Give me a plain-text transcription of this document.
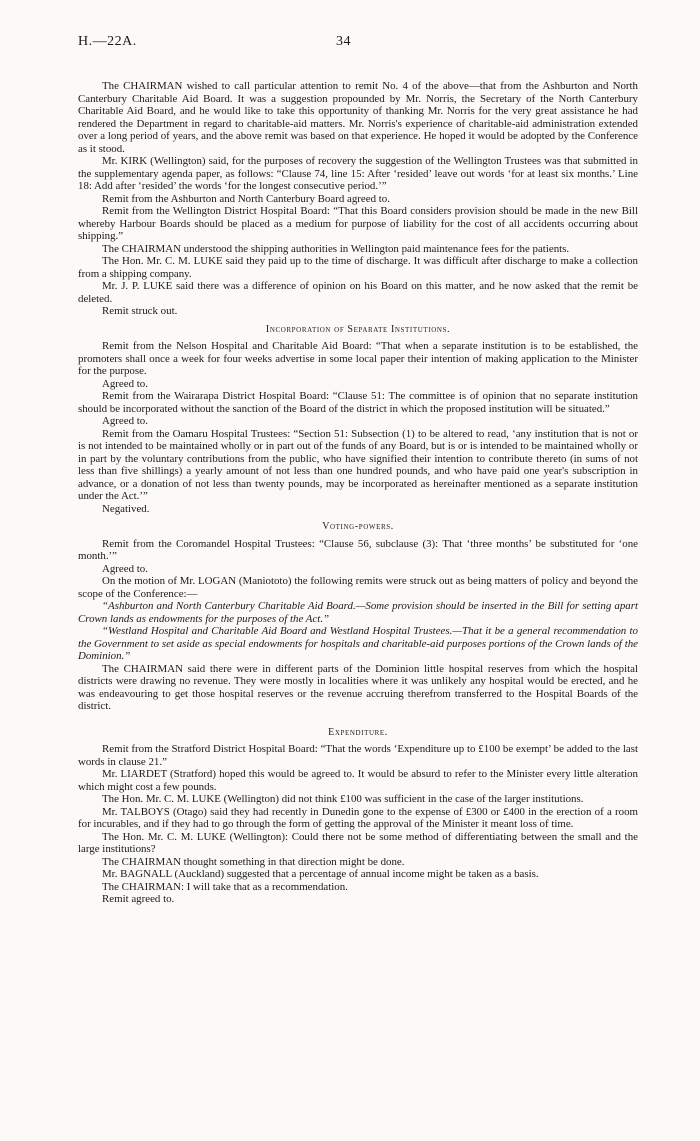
H.—22A.	34

The CHAIRMAN wished to call particular attention to remit No. 4 of the above—that from the Ashburton and North Canterbury Charitable Aid Board. It was a suggestion propounded by Mr. Norris, the Secretary of the North Canterbury Charitable Aid Board, and he would like to take this opportunity of thanking Mr. Norris for the very great assistance he had rendered the Department in regard to charitable-aid matters. Mr. Norris's experience of charitable-aid administration extended over a long period of years, and the above remit was based on that experience. He hoped it would be adopted by the Conference as it stood.

Mr. KIRK (Wellington) said, for the purposes of recovery the suggestion of the Wellington Trustees was that submitted in the supplementary agenda paper, as follows: “Clause 74, line 15: After ‘resided’ leave out words ‘for at least six months.’ Line 18: Add after ‘resided’ the words ‘for the longest consecutive period.’”

Remit from the Ashburton and North Canterbury Board agreed to.

Remit from the Wellington District Hospital Board: “That this Board considers provision should be made in the new Bill whereby Harbour Boards should be placed as a medium for purpose of liability for the cost of all accidents occurring about shipping.”

The CHAIRMAN understood the shipping authorities in Wellington paid maintenance fees for the patients.

The Hon. Mr. C. M. LUKE said they paid up to the time of discharge. It was difficult after discharge to make a collection from a shipping company.

Mr. J. P. LUKE said there was a difference of opinion on his Board on this matter, and he now asked that the remit be deleted.

Remit struck out.

Incorporation of Separate Institutions.

Remit from the Nelson Hospital and Charitable Aid Board: “That when a separate institution is to be established, the promoters shall once a week for four weeks advertise in some local paper their intention of making application to the Minister for the purpose.

Agreed to.

Remit from the Wairarapa District Hospital Board: “Clause 51: The committee is of opinion that no separate institution should be incorporated without the sanction of the Board of the district in which the proposed institution will be situated.”

Agreed to.

Remit from the Oamaru Hospital Trustees: “Section 51: Subsection (1) to be altered to read, ‘any institution that is not or is not intended to be maintained wholly or in part out of the funds of any Board, but is or is intended to be maintained wholly or in part by the voluntary contributions from the public, who have signified their intention to contribute thereto (in sums of not less than five shillings) a yearly amount of not less than one hundred pounds, and who have paid one year's subscription in advance, or a donation of not less than twenty pounds, may be incorporated as hereinafter mentioned as a separate institution under the Act.’”

Negatived.

Voting-powers.

Remit from the Coromandel Hospital Trustees: “Clause 56, subclause (3): That ‘three months’ be substituted for ‘one month.’”

Agreed to.

On the motion of Mr. LOGAN (Maniototo) the following remits were struck out as being matters of policy and beyond the scope of the Conference:—

“Ashburton and North Canterbury Charitable Aid Board.—Some provision should be inserted in the Bill for setting apart Crown lands as endowments for the purposes of the Act.”

“Westland Hospital and Charitable Aid Board and Westland Hospital Trustees.—That it be a general recommendation to the Government to set aside as special endowments for hospitals and charitable-aid purposes portions of the Crown lands of the Dominion.”

The CHAIRMAN said there were in different parts of the Dominion little hospital reserves from which the hospital districts were drawing no revenue. They were mostly in localities where it was unlikely any hospital would be erected, and he was endeavouring to get those hospital reserves or the revenue accruing therefrom transferred to the Hospital Boards of the district.

Expenditure.

Remit from the Stratford District Hospital Board: “That the words ‘Expenditure up to £100 be exempt’ be added to the last words in clause 21.”

Mr. LIARDET (Stratford) hoped this would be agreed to. It would be absurd to refer to the Minister every little alteration which might cost a few pounds.

The Hon. Mr. C. M. LUKE (Wellington) did not think £100 was sufficient in the case of the larger institutions.

Mr. TALBOYS (Otago) said they had recently in Dunedin gone to the expense of £300 or £400 in the erection of a room for incurables, and if they had to go through the form of getting the approval of the Minister it meant loss of time.

The Hon. Mr. C. M. LUKE (Wellington): Could there not be some method of differentiating between the small and the large institutions?

The CHAIRMAN thought something in that direction might be done.

Mr. BAGNALL (Auckland) suggested that a percentage of annual income might be taken as a basis.

The CHAIRMAN: I will take that as a recommendation.

Remit agreed to.
